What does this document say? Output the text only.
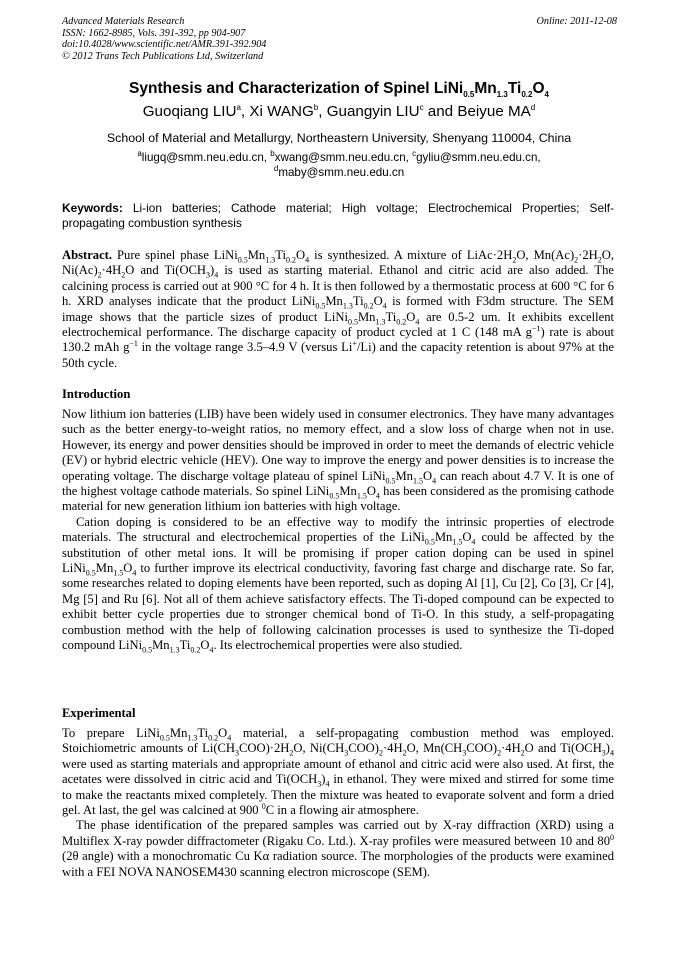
Advanced Materials Research
ISSN: 1662-8985, Vols. 391-392, pp 904-907
doi:10.4028/www.scientific.net/AMR.391-392.904
© 2012 Trans Tech Publications Ltd, Switzerland
Online: 2011-12-08
Synthesis and Characterization of Spinel $LiNi_{0.5}Mn_{1.3}Ti_{0.2}O_4$
Guoqiang LIU$^a$, Xi WANG$^b$, Guangyin LIU$^c$ and Beiyue $MA^d$
School of Material and Metallurgy, Northeastern University, Shenyang 110004, China
$^a$liugq@smm.neu.edu.cn, $^b$xwang@smm.neu.edu.cn, $^c$gyliu@smm.neu.edu.cn,
$^d$maby@smm.neu.edu.cn
Keywords: Li-ion batteries; Cathode material; High voltage; Electrochemical Properties; Self-propagating combustion synthesis

Abstract. Pure spinel phase $LiNi_{0.5}Mn_{1.3}Ti_{0.2}O_4$ is synthesized. A mixture of $LiAc\cdot 2H_2O$, $Mn(Ac)_2\cdot 2H_2O$, $Ni(Ac)_2\cdot 4H_2O$ and $Ti(OCH_3)_4$ is used as starting material. Ethanol and citric acid are also added. The calcining process is carried out at 900 °C for 4 h. It is then followed by a thermostatic process at 600 °C for 6 h. XRD analyses indicate that the product $LiNi_{0.5}Mn_{1.3}Ti_{0.2}O_4$ is formed with F3dm structure. The SEM image shows that the particle sizes of product $LiNi_{0.5}Mn_{1.3}Ti_{0.2}O_4$ are 0.5-2 um. It exhibits excellent electrochemical performance. The discharge capacity of product cycled at 1 C (148 mA $g^{-1}$) rate is about 130.2 mAh $g^{-1}$ in the voltage range 3.5–4.9 V (versus Li+/Li) and the capacity retention is about 97% at the 50th cycle.

Introduction

Now lithium ion batteries (LIB) have been widely used in consumer electronics. They have many advantages such as the better energy-to-weight ratios, no memory effect, and a slow loss of charge when not in use. However, its energy and power densities should be improved in order to meet the demands of electric vehicle (EV) or hybrid electric vehicle (HEV). One way to improve the energy and power densities is to increase the operating voltage. The discharge voltage plateau of spinel $LiNi_{0.5}Mn_{1.5}O_4$ can reach about 4.7 V. It is one of the highest voltage cathode materials. So spinel $LiNi_{0.5}Mn_{1.5}O_4$ has been considered as the promising cathode material for new generation lithium ion batteries with high voltage.

Cation doping is considered to be an effective way to modify the intrinsic properties of electrode materials. The structural and electrochemical properties of the $LiNi_{0.5}Mn_{1.5}O_4$ could be affected by the substitution of other metal ions. It will be promising if proper cation doping can be used in spinel $LiNi_{0.5}Mn_{1.5}O_4$ to further improve its electrical conductivity, favoring fast charge and discharge rate. So far, some researches related to doping elements have been reported, such as doping Al [1], Cu [2], Co [3], Cr [4], Mg [5] and Ru [6]. Not all of them achieve satisfactory effects. The Ti-doped compound can be expected to exhibit better cycle properties due to stronger chemical bond of Ti-O. In this study, a self-propagating combustion method with the help of following calcination processes is used to synthesize the Ti-doped compound $LiNi_{0.5}Mn_{1.3}Ti_{0.2}O_4$. Its electrochemical properties were also studied.

Experimental

To prepare $LiNi_{0.5}Mn_{1.3}Ti_{0.2}O_4$ material, a self-propagating combustion method was employed. Stoichiometric amounts of $Li(CH_3COO)\cdot 2H_2O$, $Ni(CH_3COO)_2\cdot 4H_2O$, $Mn(CH_3COO)_2\cdot 4H_2O$ and $Ti(OCH_3)_4$ were used as starting materials and appropriate amount of ethanol and citric acid were also used. At first, the acetates were dissolved in citric acid and $Ti(OCH_3)_4$ in ethanol. They were mixed and stirred for some time to make the reactants mixed completely. Then the mixture was heated to evaporate solvent and form a dried gel. At last, the gel was calcined at 900 $^0$C in a flowing air atmosphere.

The phase identification of the prepared samples was carried out by X-ray diffraction (XRD) using a Multiflex X-ray powder diffractometer (Rigaku Co. Ltd.). X-ray profiles were measured between 10 and $80^0$ (2θ angle) with a monochromatic Cu Kα radiation source. The morphologies of the products were examined with a FEI NOVA NANOSEM430 scanning electron microscope (SEM).
